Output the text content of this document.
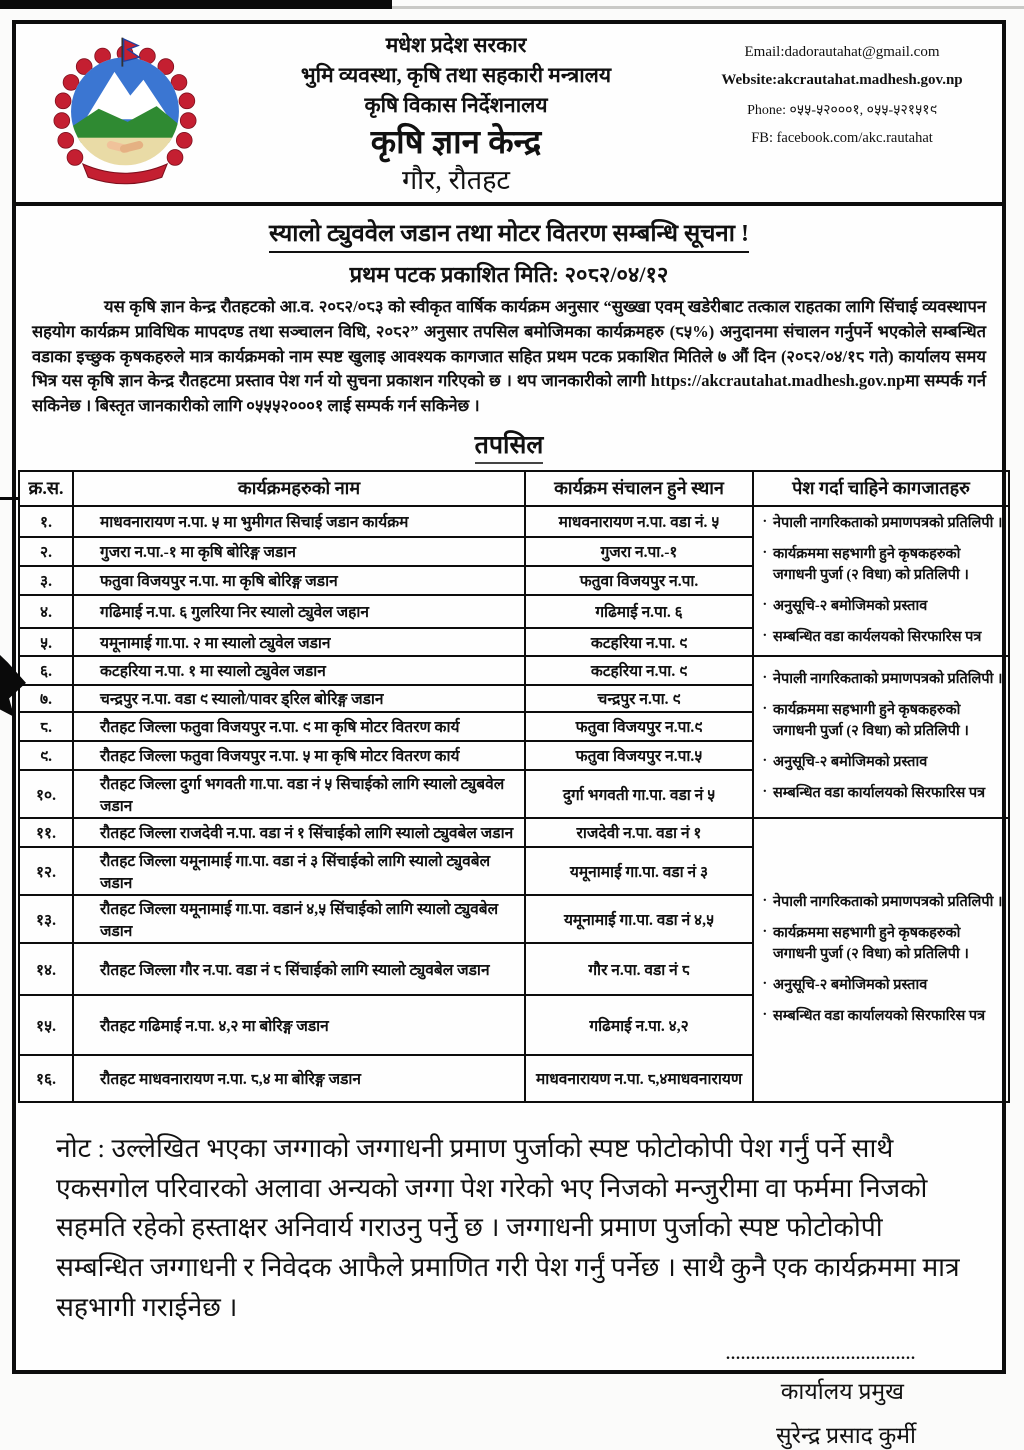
मधेश प्रदेश सरकार
भुमि व्यवस्था, कृषि तथा सहकारी मन्त्रालय
कृषि विकास निर्देशनालय
कृषि ज्ञान केन्द्र
गौर, रौतहट
Email:dadorautahat@gmail.com
Website:akcrautahat.madhesh.gov.np
Phone: ०५५-५२०००१, ०५५-५२१५१९
FB: facebook.com/akc.rautahat
स्यालो ट्युववेल जडान तथा मोटर वितरण सम्बन्धि सूचना !
प्रथम पटक प्रकाशित मिति: २०८२/०४/१२

यस कृषि ज्ञान केन्द्र रौतहटको आ.व. २०८२/०८३ को स्वीकृत वार्षिक कार्यक्रम अनुसार “सुख्खा एवम् खडेरीबाट तत्काल राहतका लागि सिंचाई व्यवस्थापन सहयोग कार्यक्रम प्राविधिक मापदण्ड तथा सञ्चालन विधि, २०८२” अनुसार तपसिल बमोजिमका कार्यक्रमहरु (८५%) अनुदानमा संचालन गर्नुपर्ने भएकोले सम्बन्धित वडाका इच्छुक कृषकहरुले मात्र कार्यक्रमको नाम स्पष्ट खुलाइ आवश्यक कागजात सहित प्रथम पटक प्रकाशित मितिले ७ औं दिन (२०८२/०४/१८ गते) कार्यालय समय भित्र यस कृषि ज्ञान केन्द्र रौतहटमा प्रस्ताव पेश गर्न यो सुचना प्रकाशन गरिएको छ । थप जानकारीको लागी https://akcrautahat.madhesh.gov.npमा सम्पर्क गर्न सकिनेछ । बिस्तृत जानकारीको लागि ०५५५२०००१ लाई सम्पर्क गर्न सकिनेछ ।

तपसिल
क्र.स.	कार्यक्रमहरुको नाम	कार्यक्रम संचालन हुने स्थान	पेश गर्दा चाहिने कागजातहरु
१.	माधवनारायण न.पा. ५ मा भुमीगत सिचाई जडान कार्यक्रम	माधवनारायण न.पा. वडा नं. ५	. नेपाली नागरिकताको प्रमाणपत्रको प्रतिलिपी ।
. कार्यक्रममा सहभागी हुने कृषकहरुको जगाधनी पुर्जा (२ विधा) को प्रतिलिपी ।
. अनुसूचि-२ बमोजिमको प्रस्ताव
. सम्बन्धित वडा कार्यलयको सिरफारिस पत्र

२.	गुजरा न.पा.-१ मा कृषि बोरिङ्ग जडान	गुजरा न.पा.-१	
३.	फतुवा विजयपुर न.पा. मा कृषि बोरिङ्ग जडान	फतुवा विजयपुर न.पा.	
४.	गढिमाई न.पा. ६ गुलरिया निर स्यालो ट्युवेल जहान	गढिमाई न.पा. ६	
५.	यमूनामाई गा.पा. २ मा स्यालो ट्युवेल जडान	कटहरिया न.पा. ९	
६.	कटहरिया न.पा. १ मा स्यालो ट्युवेल जडान	कटहरिया न.पा. ९	. नेपाली नागरिकताको प्रमाणपत्रको प्रतिलिपी ।
. कार्यक्रममा सहभागी हुने कृषकहरुको जगाधनी पुर्जा (२ विधा) को प्रतिलिपी ।
. अनुसूचि-२ बमोजिमको प्रस्ताव
. सम्बन्धित वडा कार्यालयको सिरफारिस पत्र

७.	चन्द्रपुर न.पा. वडा ९ स्यालो/पावर ड्रिल बोरिङ्ग जडान	चन्द्रपुर न.पा. ९	
८.	रौतहट जिल्ला फतुवा विजयपुर न.पा. ९ मा कृषि मोटर वितरण कार्य	फतुवा विजयपुर न.पा.९	
९.	रौतहट जिल्ला फतुवा विजयपुर न.पा. ५ मा कृषि मोटर वितरण कार्य	फतुवा विजयपुर न.पा.५	
१०.	रौतहट जिल्ला दुर्गा भगवती गा.पा. वडा नं ५ सिचाईको लागि स्यालो ट्युबवेल जडान	दुर्गा भगवती गा.पा. वडा नं ५	
११.	रौतहट जिल्ला राजदेवी न.पा. वडा नं १ सिंचाईको लागि स्यालो ट्युवबेल जडान	राजदेवी न.पा. वडा नं १	. नेपाली नागरिकताको प्रमाणपत्रको प्रतिलिपी ।
. कार्यक्रममा सहभागी हुने कृषकहरुको जगाधनी पुर्जा (२ विधा) को प्रतिलिपी ।
. अनुसूचि-२ बमोजिमको प्रस्ताव
. सम्बन्धित वडा कार्यालयको सिरफारिस पत्र

१२.	रौतहट जिल्ला यमूनामाई गा.पा. वडा नं ३ सिंचाईको लागि स्यालो ट्युवबेल जडान	यमूनामाई गा.पा. वडा नं ३	
१३.	रौतहट जिल्ला यमूनामाई गा.पा. वडानं ४,५ सिंचाईको लागि स्यालो ट्युवबेल जडान	यमूनामाई गा.पा. वडा नं ४,५	
१४.	रौतहट जिल्ला गौर न.पा. वडा नं ८ सिंचाईको लागि स्यालो ट्युवबेल जडान	गौर न.पा. वडा नं ८	
१५.	रौतहट गढिमाई न.पा. ४,२ मा बोरिङ्ग जडान	गढिमाई न.पा. ४,२	
१६.	रौतहट माधवनारायण न.पा. ८,४ मा बोरिङ्ग जडान	माधवनारायण न.पा. ८,४माधवनारायण	
नोट : उल्लेखित भएका जग्गाको जग्गाधनी प्रमाण पुर्जाको स्पष्ट फोटोकोपी पेश गर्नुं पर्ने साथै एकसगोल परिवारको अलावा अन्यको जग्गा पेश गरेको भए निजको मन्जुरीमा वा फर्ममा निजको सहमति रहेको हस्ताक्षर अनिवार्य गराउनु पर्नेु छ । जग्गाधनी प्रमाण पुर्जाको स्पष्ट फोटोकोपी सम्बन्धित जग्गाधनी र निवेदक आफैले प्रमाणित गरी पेश गर्नुं पर्नेछ । साथै कुनै एक कार्यक्रममा मात्र सहभागी गराईनेछ ।
......................................
कार्यालय प्रमुख
सुरेन्द्र प्रसाद कुर्मी
